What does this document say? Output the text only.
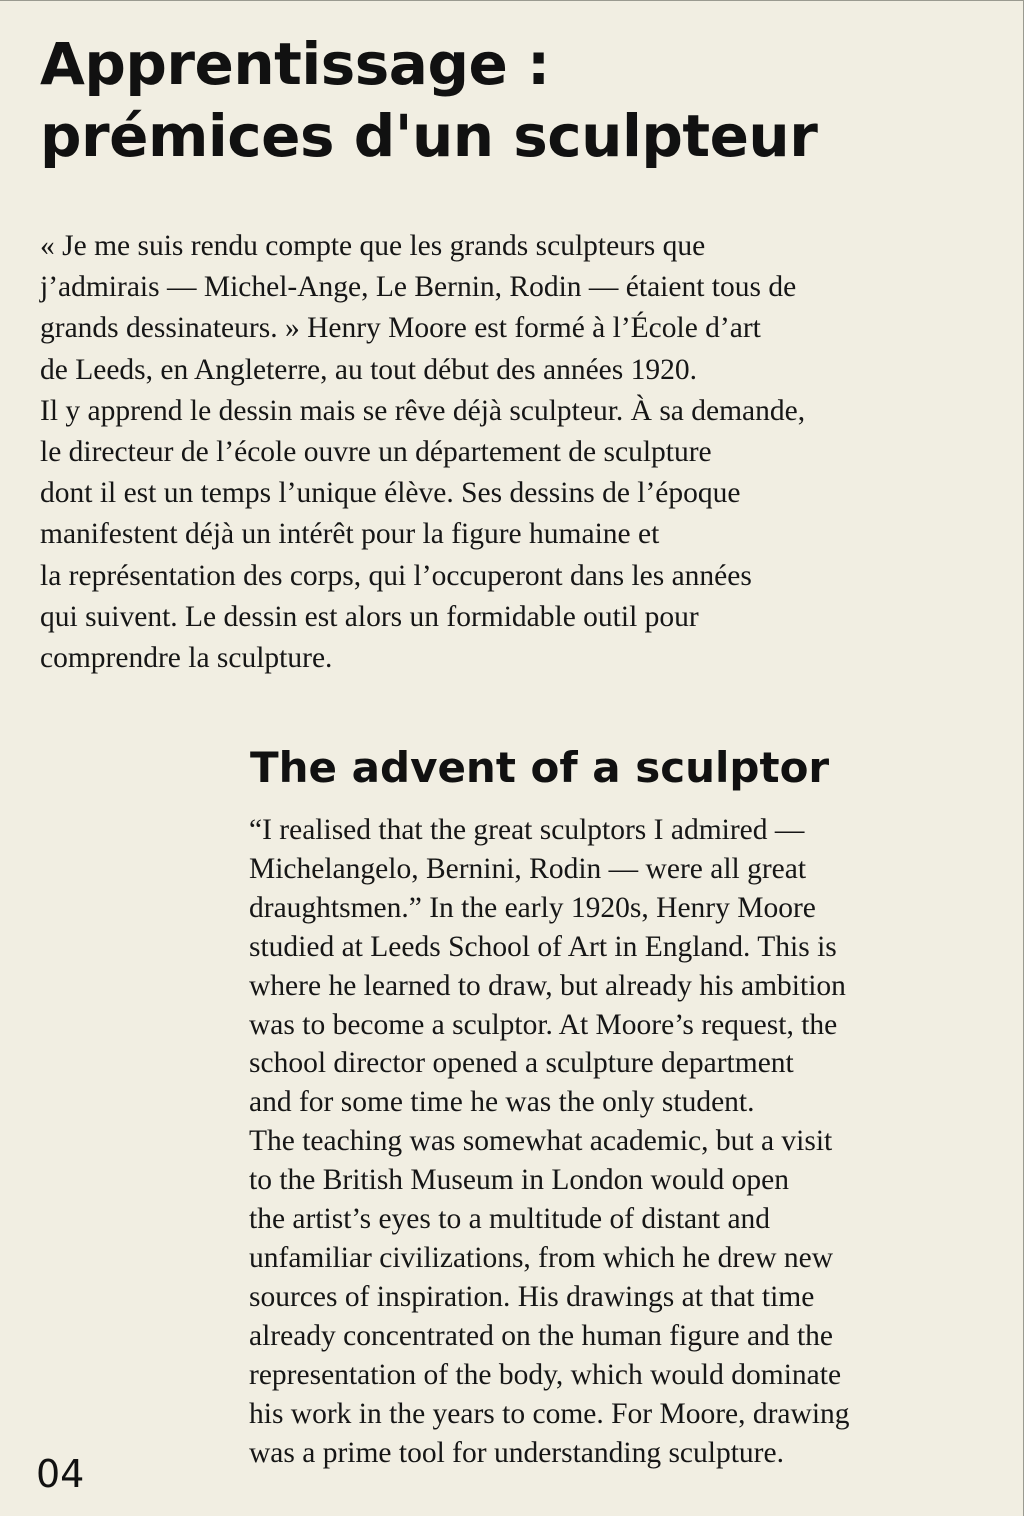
Apprentissage :
prémices d'un sculpteur
« Je me suis rendu compte que les grands sculpteurs que
j’admirais — Michel-Ange, Le Bernin, Rodin — étaient tous de
grands dessinateurs. » Henry Moore est formé à l’École d’art
de Leeds, en Angleterre, au tout début des années 1920.
Il y apprend le dessin mais se rêve déjà sculpteur. À sa demande,
le directeur de l’école ouvre un département de sculpture
dont il est un temps l’unique élève. Ses dessins de l’époque
manifestent déjà un intérêt pour la figure humaine et
la représentation des corps, qui l’occuperont dans les années
qui suivent. Le dessin est alors un formidable outil pour
comprendre la sculpture.
The advent of a sculptor
“I realised that the great sculptors I admired —
Michelangelo, Bernini, Rodin — were all great
draughtsmen.” In the early 1920s, Henry Moore
studied at Leeds School of Art in England. This is
where he learned to draw, but already his ambition
was to become a sculptor. At Moore’s request, the
school director opened a sculpture department
and for some time he was the only student.
The teaching was somewhat academic, but a visit
to the British Museum in London would open
the artist’s eyes to a multitude of distant and
unfamiliar civilizations, from which he drew new
sources of inspiration. His drawings at that time
already concentrated on the human figure and the
representation of the body, which would dominate
his work in the years to come. For Moore, drawing
was a prime tool for understanding sculpture.
04
